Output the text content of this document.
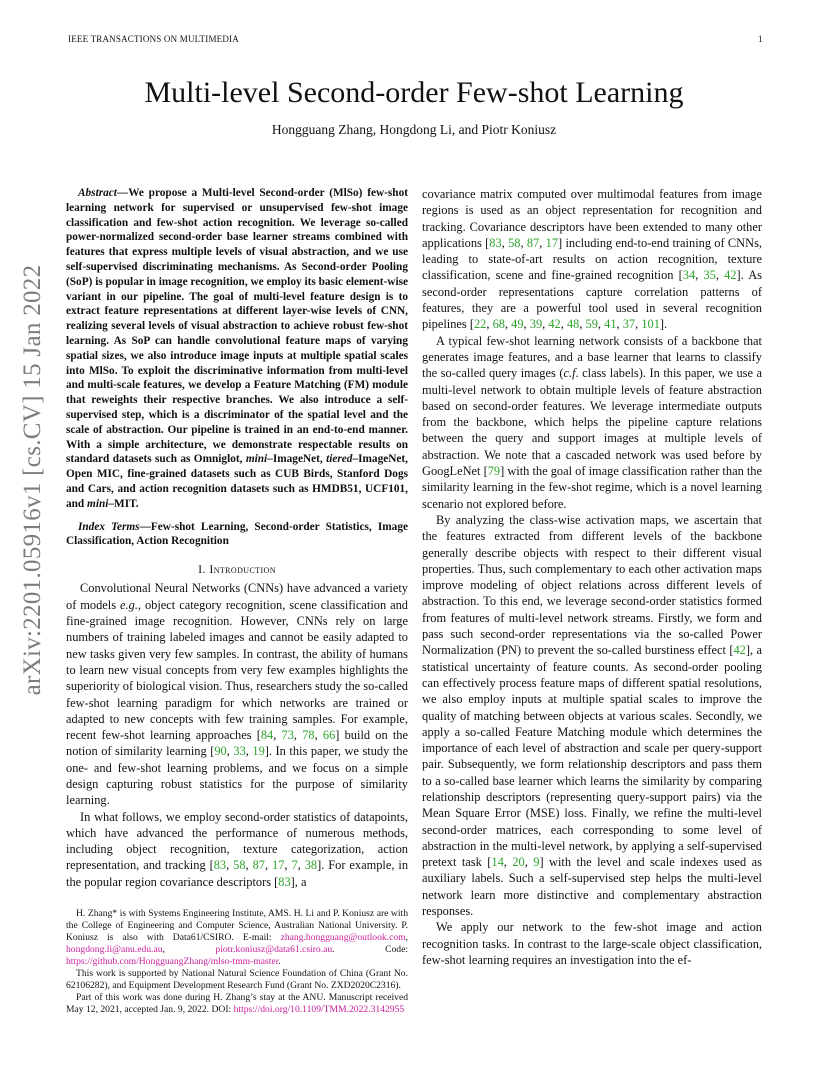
IEEE TRANSACTIONS ON MULTIMEDIA	1
Multi-level Second-order Few-shot Learning
Hongguang Zhang, Hongdong Li, and Piotr Koniusz
arXiv:2201.05916v1 [cs.CV] 15 Jan 2022

Abstract—We propose a Multi-level Second-order (MlSo) few-shot learning network for supervised or unsupervised few-shot image classification and few-shot action recognition. We leverage so-called power-normalized second-order base learner streams combined with features that express multiple levels of visual abstraction, and we use self-supervised discriminating mechanisms. As Second-order Pooling (SoP) is popular in image recognition, we employ its basic element-wise variant in our pipeline. The goal of multi-level feature design is to extract feature representations at different layer-wise levels of CNN, realizing several levels of visual abstraction to achieve robust few-shot learning. As SoP can handle convolutional feature maps of varying spatial sizes, we also introduce image inputs at multiple spatial scales into MlSo. To exploit the discriminative information from multi-level and multi-scale features, we develop a Feature Matching (FM) module that reweights their respective branches. We also introduce a self-supervised step, which is a discriminator of the spatial level and the scale of abstraction. Our pipeline is trained in an end-to-end manner. With a simple architecture, we demonstrate respectable results on standard datasets such as Omniglot, mini–ImageNet, tiered–ImageNet, Open MIC, fine-grained datasets such as CUB Birds, Stanford Dogs and Cars, and action recognition datasets such as HMDB51, UCF101, and mini–MIT.

Index Terms—Few-shot Learning, Second-order Statistics, Image Classification, Action Recognition

I. Introduction

Convolutional Neural Networks (CNNs) have advanced a variety of models e.g., object category recognition, scene classification and fine-grained image recognition. However, CNNs rely on large numbers of training labeled images and cannot be easily adapted to new tasks given very few samples. In contrast, the ability of humans to learn new visual concepts from very few examples highlights the superiority of biological vision. Thus, researchers study the so-called few-shot learning paradigm for which networks are trained or adapted to new concepts with few training samples. For example, recent few-shot learning approaches [84, 73, 78, 66] build on the notion of similarity learning [90, 33, 19]. In this paper, we study the one- and few-shot learning problems, and we focus on a simple design capturing robust statistics for the purpose of similarity learning.

In what follows, we employ second-order statistics of datapoints, which have advanced the performance of numerous methods, including object recognition, texture categorization, action representation, and tracking [83, 58, 87, 17, 7, 38]. For example, in the popular region covariance descriptors [83], a

H. Zhang* is with Systems Engineering Institute, AMS. H. Li and P. Koniusz are with the College of Engineering and Computer Science, Australian National University. P. Koniusz is also with Data61/CSIRO. E-mail: zhang.hongguang@outlook.com, hongdong.li@anu.edu.au, piotr.koniusz@data61.csiro.au. Code: https://github.com/HongguangZhang/mlso-tmm-master.

This work is supported by National Natural Science Foundation of China (Grant No. 62106282), and Equipment Development Research Fund (Grant No. ZXD2020C2316).

Part of this work was done during H. Zhang’s stay at the ANU. Manuscript received May 12, 2021, accepted Jan. 9, 2022. DOI: https://doi.org/10.1109/TMM.2022.3142955

covariance matrix computed over multimodal features from image regions is used as an object representation for recognition and tracking. Covariance descriptors have been extended to many other applications [83, 58, 87, 17] including end-to-end training of CNNs, leading to state-of-art results on action recognition, texture classification, scene and fine-grained recognition [34, 35, 42]. As second-order representations capture correlation patterns of features, they are a powerful tool used in several recognition pipelines [22, 68, 49, 39, 42, 48, 59, 41, 37, 101].

A typical few-shot learning network consists of a backbone that generates image features, and a base learner that learns to classify the so-called query images (c.f. class labels). In this paper, we use a multi-level network to obtain multiple levels of feature abstraction based on second-order features. We leverage intermediate outputs from the backbone, which helps the pipeline capture relations between the query and support images at multiple levels of abstraction. We note that a cascaded network was used before by GoogLeNet [79] with the goal of image classification rather than the similarity learning in the few-shot regime, which is a novel learning scenario not explored before.

By analyzing the class-wise activation maps, we ascertain that the features extracted from different levels of the backbone generally describe objects with respect to their different visual properties. Thus, such complementary to each other activation maps improve modeling of object relations across different levels of abstraction. To this end, we leverage second-order statistics formed from features of multi-level network streams. Firstly, we form and pass such second-order representations via the so-called Power Normalization (PN) to prevent the so-called burstiness effect [42], a statistical uncertainty of feature counts. As second-order pooling can effectively process feature maps of different spatial resolutions, we also employ inputs at multiple spatial scales to improve the quality of matching between objects at various scales. Secondly, we apply a so-called Feature Matching module which determines the importance of each level of abstraction and scale per query-support pair. Subsequently, we form relationship descriptors and pass them to a so-called base learner which learns the similarity by comparing relationship descriptors (representing query-support pairs) via the Mean Square Error (MSE) loss. Finally, we refine the multi-level second-order matrices, each corresponding to some level of abstraction in the multi-level network, by applying a self-supervised pretext task [14, 20, 9] with the level and scale indexes used as auxiliary labels. Such a self-supervised step helps the multi-level network learn more distinctive and complementary abstraction responses.

We apply our network to the few-shot image and action recognition tasks. In contrast to the large-scale object classification, few-shot learning requires an investigation into the ef-
